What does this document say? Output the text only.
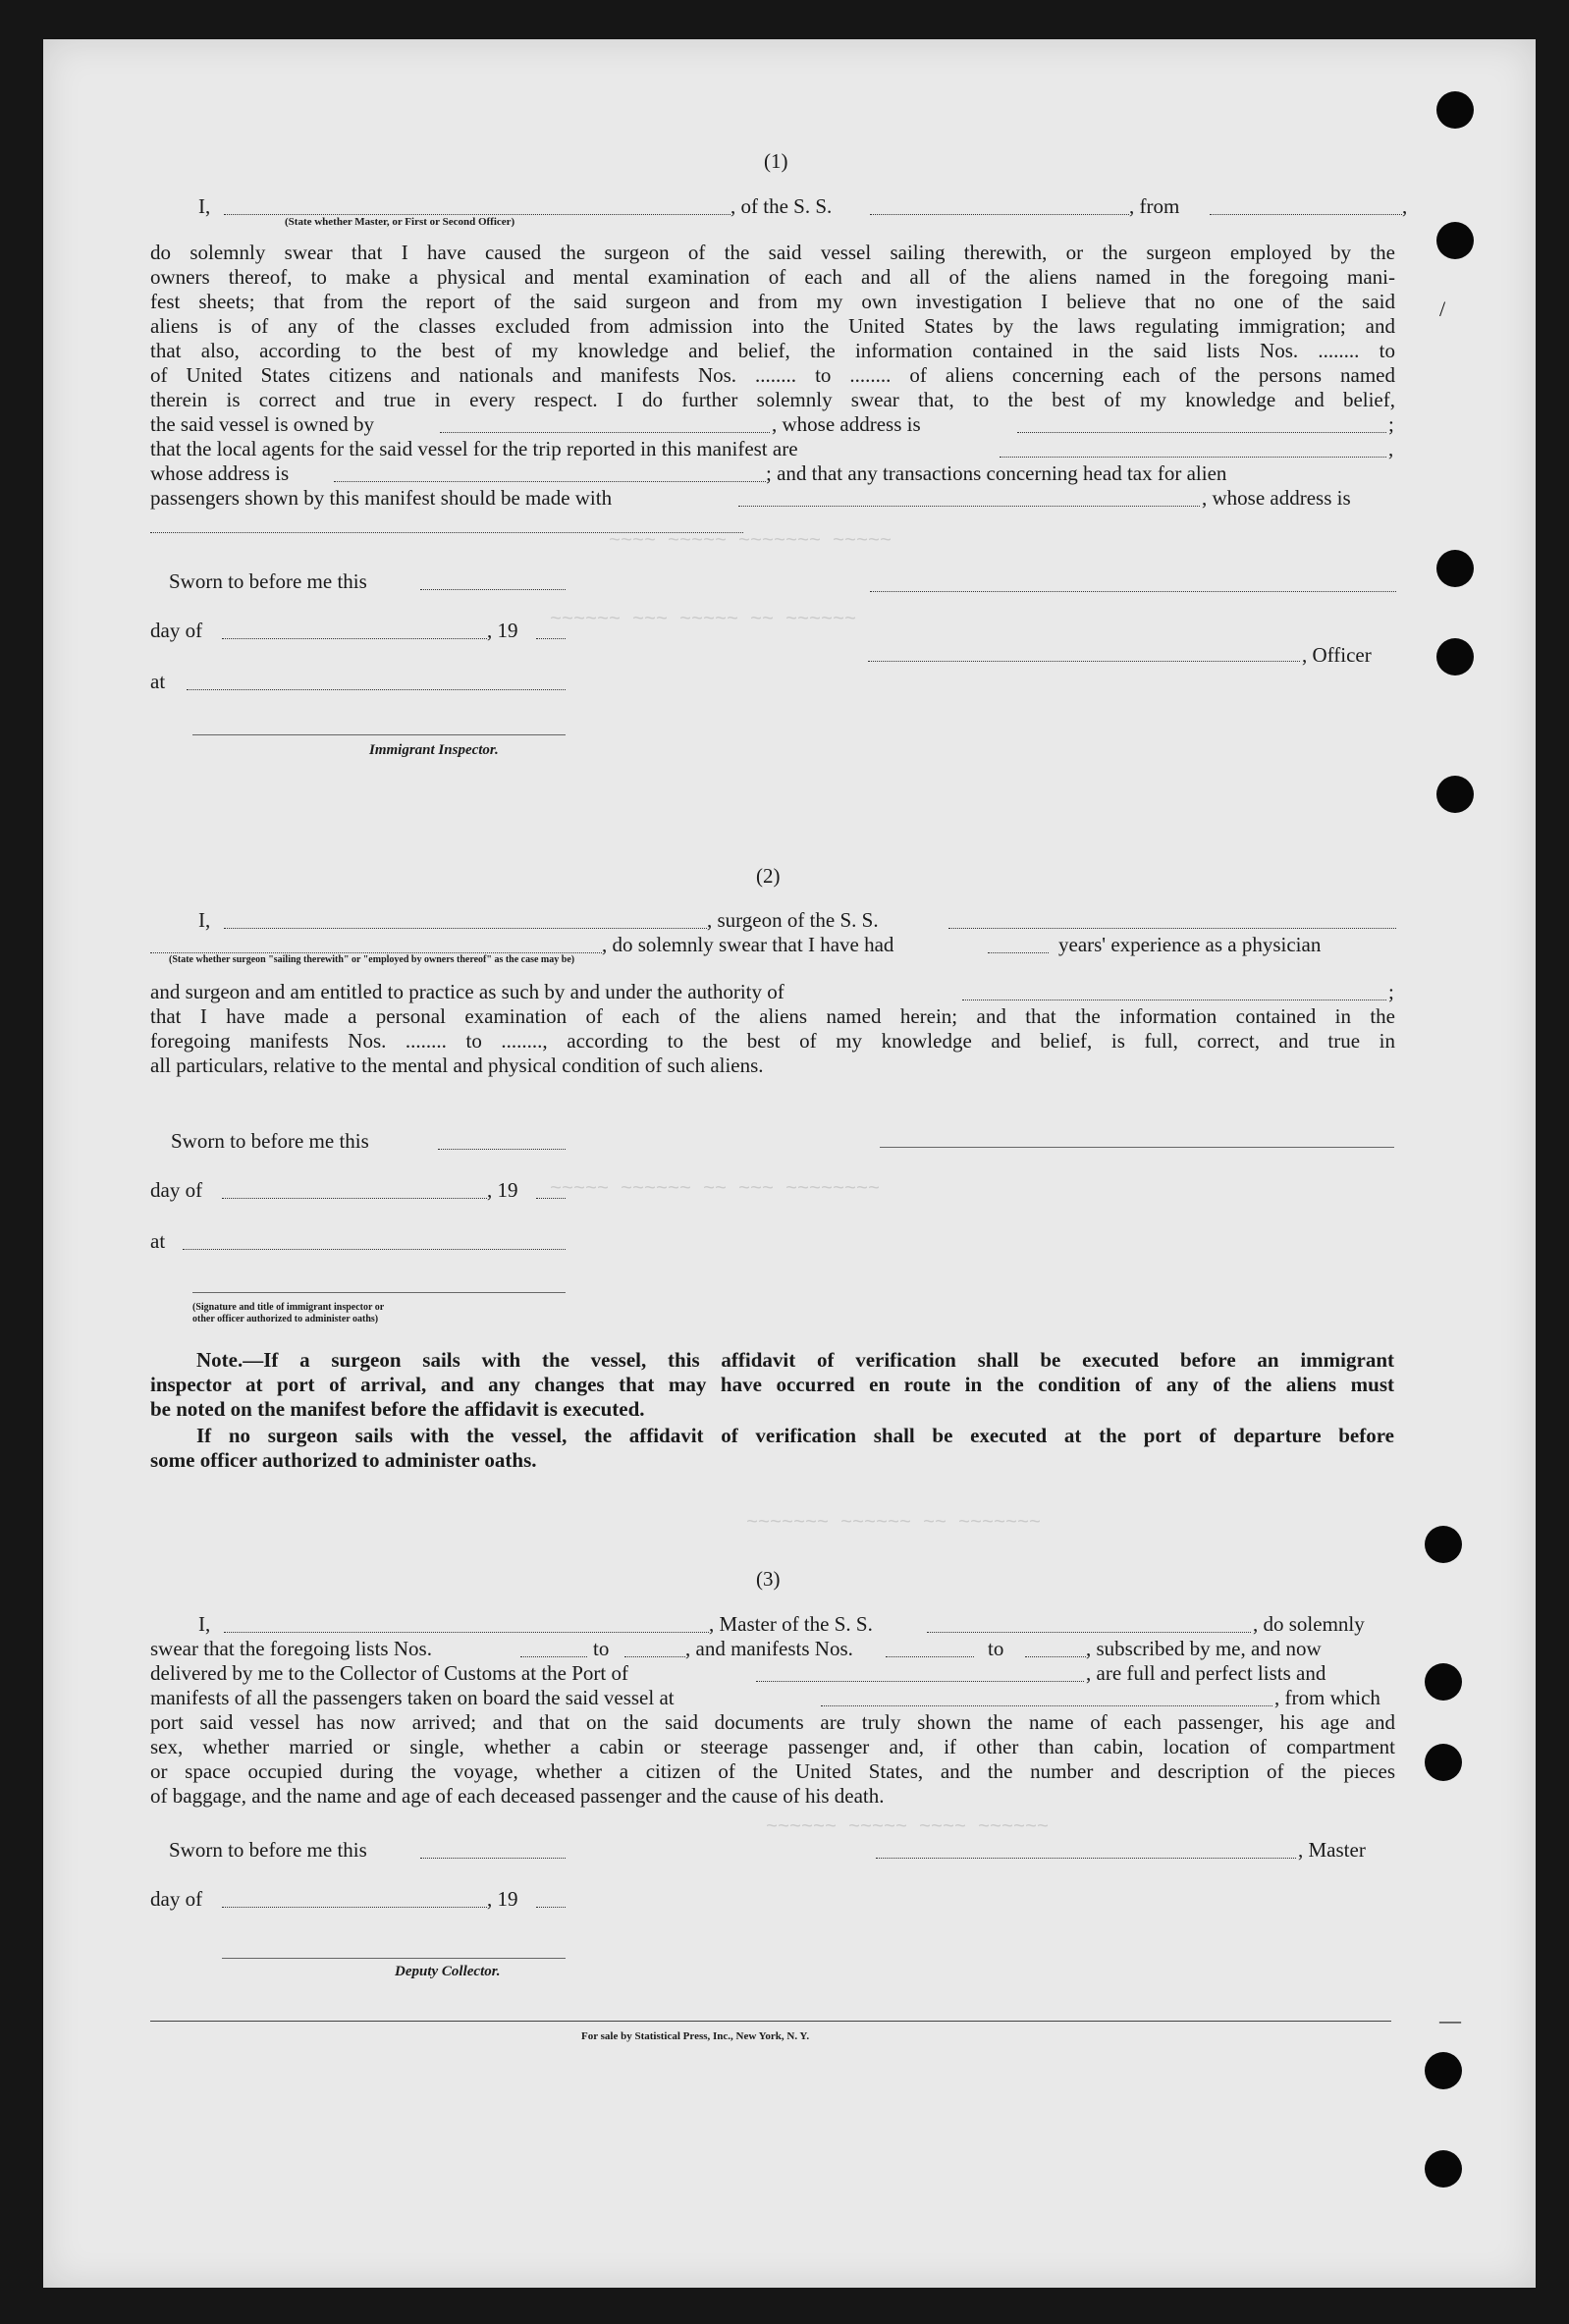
/
—
~~~~ ~~~~~ ~~~~~~~ ~~~~~
~~~~~~ ~~~ ~~~~~ ~~ ~~~~~~
~~~~~ ~~~~~~ ~~ ~~~ ~~~~~~~~
~~~~~~~ ~~~~~~ ~~ ~~~~~~~
~~~~~~ ~~~~~ ~~~~ ~~~~~~
(1)
I,	, of the S. S.	, from	,
(State whether Master, or First or Second Officer)
do solemnly swear that I have caused the surgeon of the said vessel sailing therewith, or the surgeon employed by the
owners thereof, to make a physical and mental examination of each and all of the aliens named in the foregoing mani-
fest sheets; that from the report of the said surgeon and from my own investigation I believe that no one of the said
aliens is of any of the classes excluded from admission into the United States by the laws regulating immigration; and
that also, according to the best of my knowledge and belief, the information contained in the said lists Nos. ........ to
of United States citizens and nationals and manifests Nos. ........ to ........ of aliens concerning each of the persons named
therein is correct and true in every respect. I do further solemnly swear that, to the best of my knowledge and belief,
the said vessel is owned by	, whose address is	;
that the local agents for the said vessel for the trip reported in this manifest are	,
whose address is	; and that any transactions concerning head tax for alien
passengers shown by this manifest should be made with	, whose address is
Sworn to before me this
day of	, 19
, Officer
at
Immigrant Inspector.
(2)
I,	, surgeon of the S. S.
, do solemnly swear that I have had	years' experience as a physician
(State whether surgeon "sailing therewith" or "employed by owners thereof" as the case may be)
and surgeon and am entitled to practice as such by and under the authority of	;
that I have made a personal examination of each of the aliens named herein; and that the information contained in the
foregoing manifests Nos. ........ to ........, according to the best of my knowledge and belief, is full, correct, and true in
all particulars, relative to the mental and physical condition of such aliens.
Sworn to before me this
day of	, 19
at
(Signature and title of immigrant inspector or
other officer authorized to administer oaths)
Note.—If a surgeon sails with the vessel, this affidavit of verification shall be executed before an immigrant
inspector at port of arrival, and any changes that may have occurred en route in the condition of any of the aliens must
be noted on the manifest before the affidavit is executed.
If no surgeon sails with the vessel, the affidavit of verification shall be executed at the port of departure before
some officer authorized to administer oaths.
(3)
I,	, Master of the S. S.	, do solemnly
swear that the foregoing lists Nos.	to	, and manifests Nos.	to	, subscribed by me, and now
delivered by me to the Collector of Customs at the Port of	, are full and perfect lists and
manifests of all the passengers taken on board the said vessel at	, from which
port said vessel has now arrived; and that on the said documents are truly shown the name of each passenger, his age and
sex, whether married or single, whether a cabin or steerage passenger and, if other than cabin, location of compartment
or space occupied during the voyage, whether a citizen of the United States, and the number and description of the pieces
of baggage, and the name and age of each deceased passenger and the cause of his death.
Sworn to before me this	, Master
day of	, 19
Deputy Collector.
For sale by Statistical Press, Inc., New York, N. Y.
